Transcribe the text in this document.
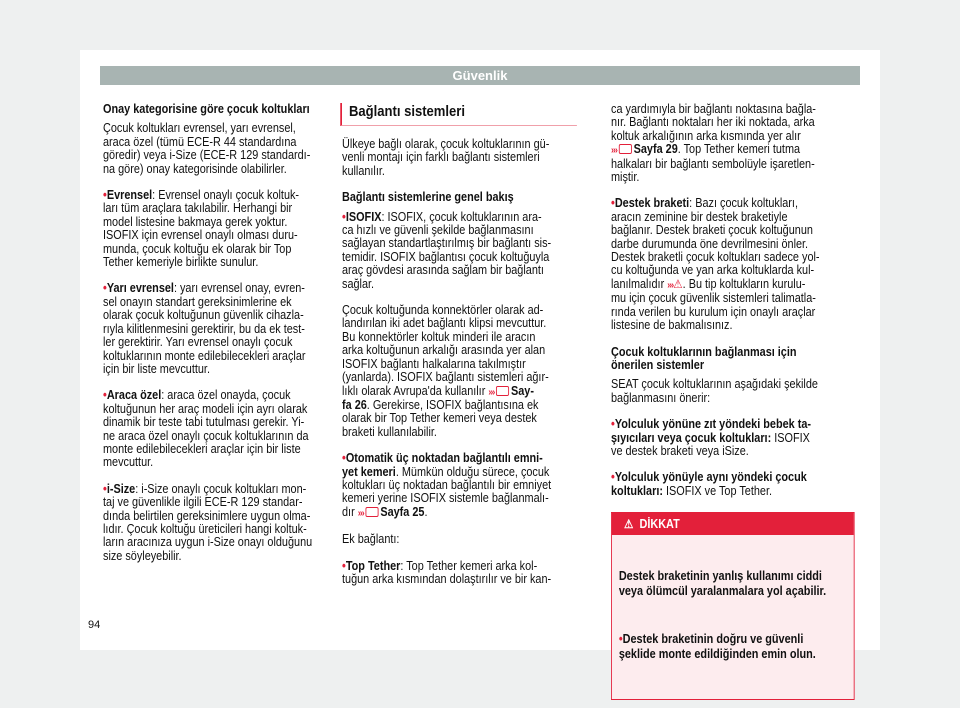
Güvenlik
Onay kategorisine göre çocuk koltukları
Çocuk koltukları evrensel, yarı evrensel,
araca özel (tümü ECE-R 44 standardına
göredir) veya i-Size (ECE-R 129 standardı-
na göre) onay kategorisinde olabilirler.
• Evrensel: Evrensel onaylı çocuk koltuk-
ları tüm araçlara takılabilir. Herhangi bir
model listesine bakmaya gerek yoktur.
ISOFIX için evrensel onaylı olması duru-
munda, çocuk koltuğu ek olarak bir Top
Tether kemeriyle birlikte sunulur.
• Yarı evrensel: yarı evrensel onay, evren-
sel onayın standart gereksinimlerine ek
olarak çocuk koltuğunun güvenlik cihazla-
rıyla kilitlenmesini gerektirir, bu da ek test-
ler gerektirir. Yarı evrensel onaylı çocuk
koltuklarının monte edilebilecekleri araçlar
için bir liste mevcuttur.
• Araca özel: araca özel onayda, çocuk
koltuğunun her araç modeli için ayrı olarak
dinamik bir teste tabi tutulması gerekir. Yi-
ne araca özel onaylı çocuk koltuklarının da
monte edilebilecekleri araçlar için bir liste
mevcuttur.
• i-Size: i-Size onaylı çocuk koltukları mon-
taj ve güvenlikle ilgili ECE-R 129 standar-
dında belirtilen gereksinimlere uygun olma-
lıdır. Çocuk koltuğu üreticileri hangi koltuk-
ların aracınıza uygun i-Size onayı olduğunu
size söyleyebilir.
Bağlantı sistemleri
Ülkeye bağlı olarak, çocuk koltuklarının gü-
venli montajı için farklı bağlantı sistemleri
kullanılır.
Bağlantı sistemlerine genel bakış
• ISOFIX: ISOFIX, çocuk koltuklarının ara-
ca hızlı ve güvenli şekilde bağlanmasını
sağlayan standartlaştırılmış bir bağlantı sis-
temidir. ISOFIX bağlantısı çocuk koltuğuyla
araç gövdesi arasında sağlam bir bağlantı
sağlar.
Çocuk koltuğunda konnektörler olarak ad-
landırılan iki adet bağlantı klipsi mevcuttur.
Bu konnektörler koltuk minderi ile aracın
arka koltuğunun arkalığı arasında yer alan
ISOFIX bağlantı halkalarına takılmıştır
(yanlarda). ISOFIX bağlantı sistemleri ağır-
lıklı olarak Avrupa'da kullanılır ››› Say-
fa 26. Gerekirse, ISOFIX bağlantısına ek
olarak bir Top Tether kemeri veya destek
braketi kullanılabilir.
• Otomatik üç noktadan bağlantılı emni-
yet kemeri. Mümkün olduğu sürece, çocuk
koltukları üç noktadan bağlantılı bir emniyet
kemeri yerine ISOFIX sistemle bağlanmalı-
dır ››› Sayfa 25.
Ek bağlantı:
• Top Tether: Top Tether kemeri arka kol-
tuğun arka kısmından dolaştırılır ve bir kan-
ca yardımıyla bir bağlantı noktasına bağla-
nır. Bağlantı noktaları her iki noktada, arka
koltuk arkalığının arka kısmında yer alır
››› Sayfa 29. Top Tether kemeri tutma
halkaları bir bağlantı sembolüyle işaretlen-
miştir.
• Destek braketi: Bazı çocuk koltukları,
aracın zeminine bir destek braketiyle
bağlanır. Destek braketi çocuk koltuğunun
darbe durumunda öne devrilmesini önler.
Destek braketli çocuk koltukları sadece yol-
cu koltuğunda ve yan arka koltuklarda kul-
lanılmalıdır ›››⚠. Bu tip koltukların kurulu-
mu için çocuk güvenlik sistemleri talimatla-
rında verilen bu kurulum için onaylı araçlar
listesine de bakmalısınız.
Çocuk koltuklarının bağlanması için
önerilen sistemler
SEAT çocuk koltuklarının aşağıdaki şekilde
bağlanmasını önerir:
• Yolculuk yönüne zıt yöndeki bebek ta-
şıyıcıları veya çocuk koltukları: ISOFIX
ve destek braketi veya iSize.
• Yolculuk yönüyle aynı yöndeki çocuk
koltukları: ISOFIX ve Top Tether.
⚠ DİKKAT

Destek braketinin yanlış kullanımı ciddi
veya ölümcül yaralanmalara yol açabilir.

• Destek braketinin doğru ve güvenli
şeklide monte edildiğinden emin olun.

94
